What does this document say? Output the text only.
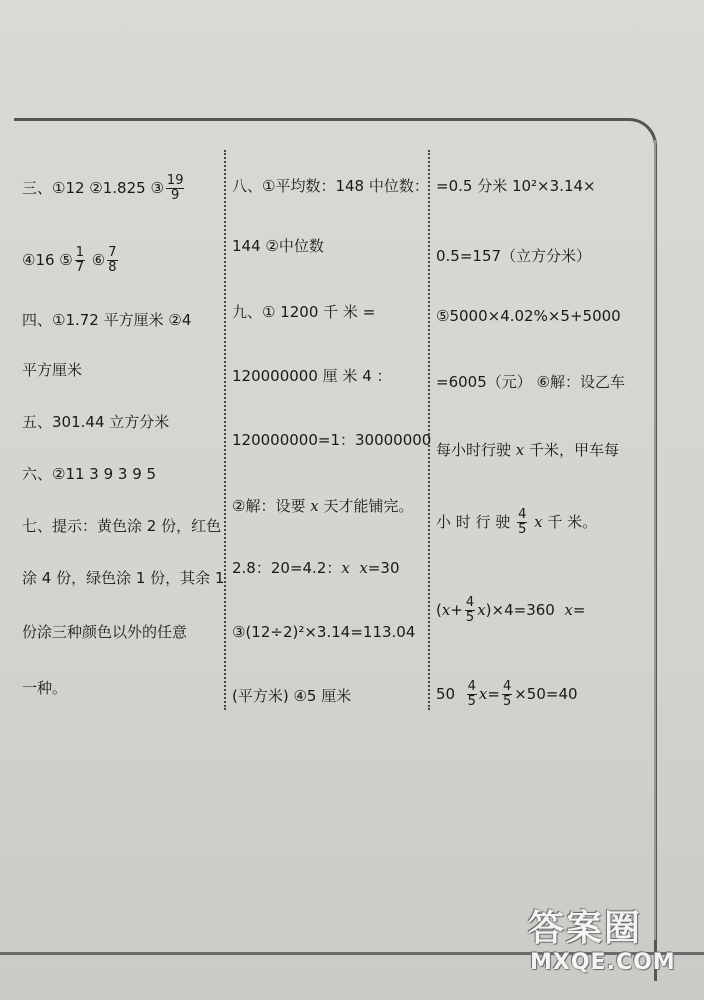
三、①12 ②1.825 ③ $\frac{19}{9}$
④16 ⑤ $\frac{1}{7}$ ⑥ $\frac{7}{8}$
四、①1.72 平方厘米 ②4
平方厘米
五、301.44 立方分米
六、②11 3 9 3 9 5
七、提示：黄色涂 2 份，红色
涂 4 份，绿色涂 1 份，其余 1
份涂三种颜色以外的任意
一种。
八、①平均数：148 中位数：
144 ②中位数
九、① 1200 千 米 =
120000000 厘 米 4 ：
120000000=1：30000000
②解：设要 x 天才能铺完。
2.8：20=4.2：x x=30
③(12÷2)²×3.14=113.04
(平方米) ④5 厘米
=0.5 分米 10²×3.14×
0.5=157（立方分米）
⑤5000×4.02%×5+5000
=6005（元） ⑥解：设乙车
每小时行驶 x 千米，甲车每
小 时 行 驶 $\frac{4}{5}$ x 千 米。
$(x+ \frac{4}{5} x)\times 4=360$  x=
$50 \frac{4}{5} x= \frac{4}{5} \times 50=40$
答案圈
MXQE.COM
